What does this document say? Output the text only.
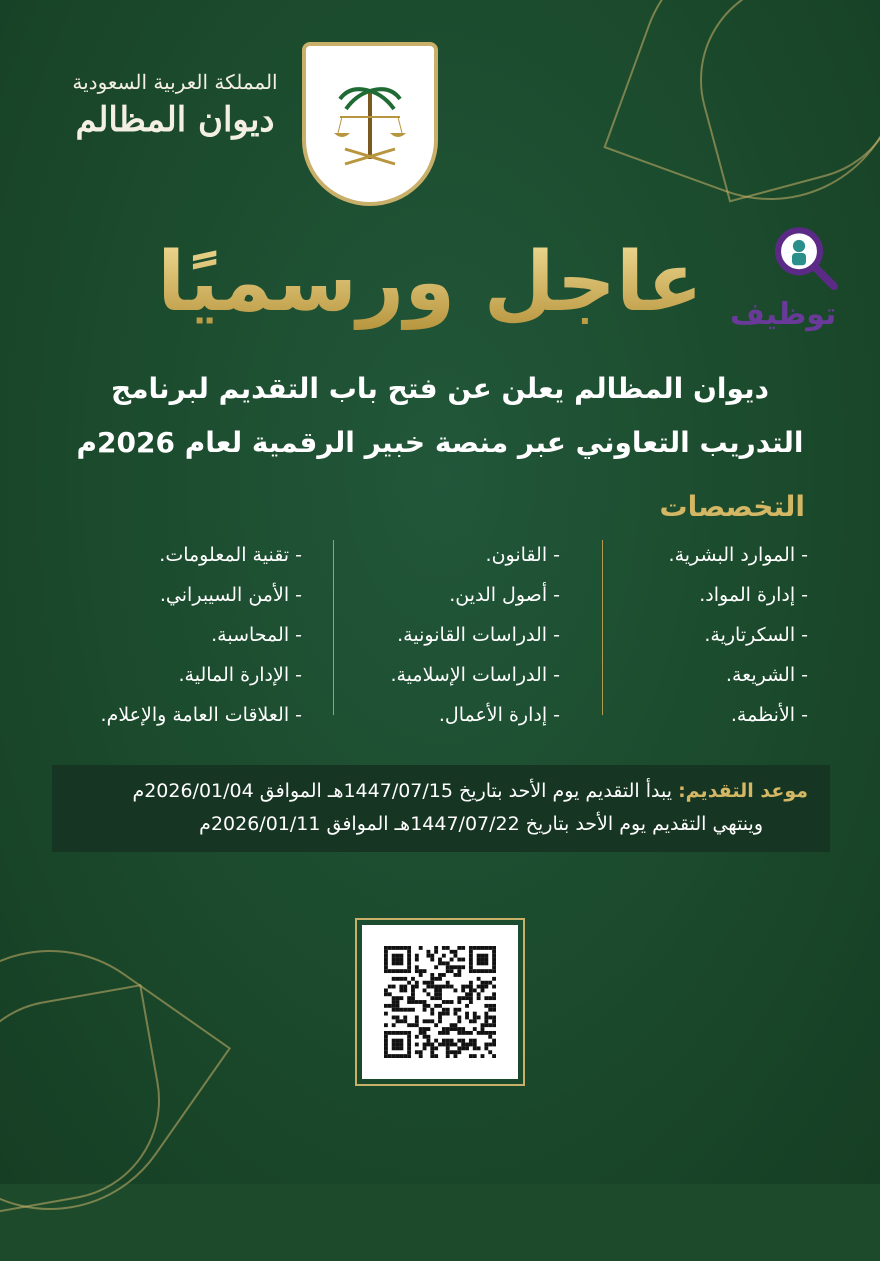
المملكة العربية السعودية
ديوان المظالم
عاجل ورسميًا توظيف
ديوان المظالم يعلن عن فتح باب التقديم لبرنامج
التدريب التعاوني عبر منصة خبير الرقمية لعام 2026م
التخصصات
- الموارد البشرية.
- إدارة المواد.
- السكرتارية.
- الشريعة.
- الأنظمة.
- القانون.
- أصول الدين.
- الدراسات القانونية.
- الدراسات الإسلامية.
- إدارة الأعمال.
- تقنية المعلومات.
- الأمن السيبراني.
- المحاسبة.
- الإدارة المالية.
- العلاقات العامة والإعلام.
موعد التقديم: يبدأ التقديم يوم الأحد بتاريخ 1447/07/15هـ الموافق 2026/01/04م
وينتهي التقديم يوم الأحد بتاريخ 1447/07/22هـ الموافق 2026/01/11م
